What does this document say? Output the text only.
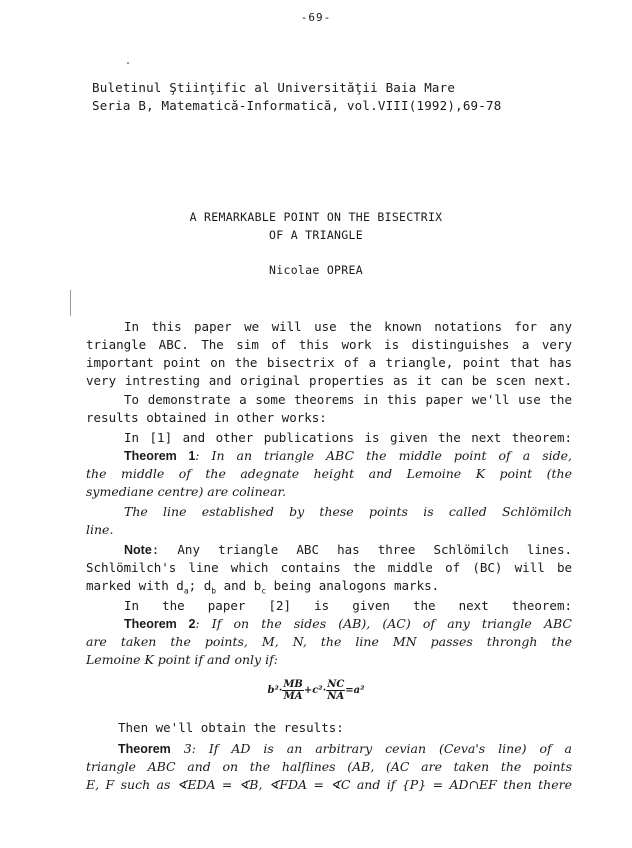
-69-
Buletinul Ştiinţific al Universităţii Baia Mare
Seria B, Matematică-Informatică, vol.VIII(1992),69-78
A REMARKABLE POINT ON THE BISECTRIX
OF A TRIANGLE
Nicolae OPREA
In this paper we will use the known notations for any
triangle ABC. The sim of this work is distinguishes a very
important point on the bisectrix of a triangle, point that has
very intresting and original properties as it can be scen next.
To demonstrate a some theorems in this paper we'll use the
results obtained in other works:
In [1] and other publications is given the next theorem:
Theorem 1: In an triangle ABC the middle point of a side,
the middle of the adegnate height and Lemoine K point (the
symediane centre) are colinear.
The line established by these points is called Schlömilch
line.
Note: Any triangle ABC has three Schlömilch lines.
Schlömilch's line which contains the middle of (BC) will be
marked with $d_a$; $d_b$ and $b_c$ being analogons marks.
In the paper [2] is given the next theorem:
Theorem 2: If on the sides (AB), (AC) of any triangle ABC
are taken the points, M, N, the line MN passes throngh the
Lemoine K point if and only if:
$b^2\cdot \frac{MB}{MA} +c^2\cdot \frac{NC}{NA} =a^2$
Then we'll obtain the results:
Theorem 3: If AD is an arbitrary cevian (Ceva's line) of a
triangle ABC and on the halflines (AB, (AC are taken the points
E, F such as ∢EDA = ∢B, ∢FDA = ∢C and if {P} = AD∩EF then there
